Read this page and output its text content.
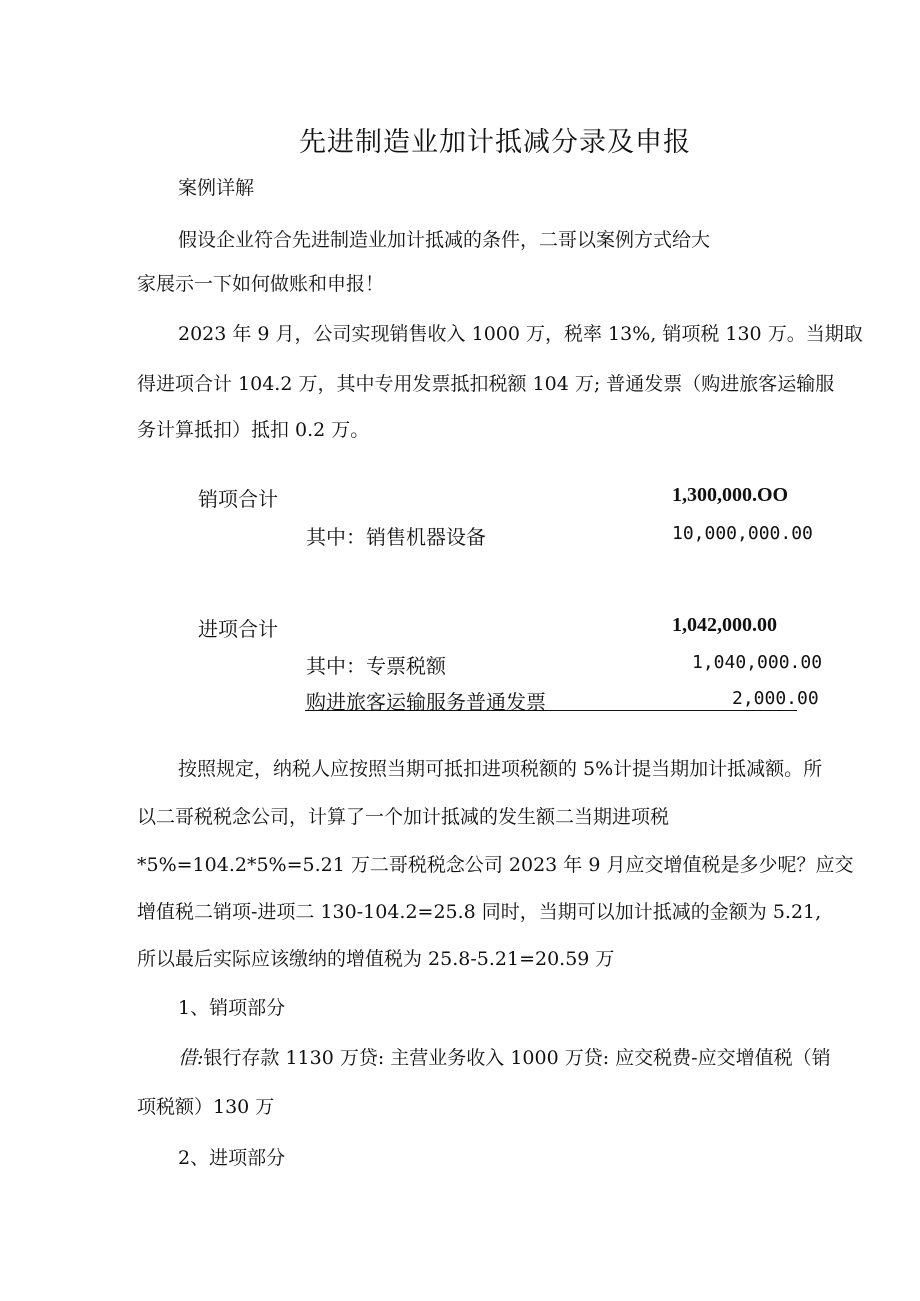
先进制造业加计抵减分录及申报
案例详解
假设企业符合先进制造业加计抵减的条件，二哥以案例方式给大
家展示一下如何做账和申报！
2023 年 9 月，公司实现销售收入 1000 万，税率 13%, 销项税 130 万。当期取
得进项合计 104.2 万，其中专用发票抵扣税额 104 万; 普通发票（购进旅客运输服
务计算抵扣）抵扣 0.2 万。
销项合计	1,300,000.OO
其中：销售机器设备	10,000,000.00
进项合计	1,042,000.00
其中：专票税额	1,040,000.00
购进旅客运输服务普通发票	2,000.00
按照规定，纳税人应按照当期可抵扣进项税额的 5%计提当期加计抵减额。所
以二哥税税念公司，计算了一个加计抵减的发生额二当期进项税
*5%=104.2*5%=5.21 万二哥税税念公司 2023 年 9 月应交增值税是多少呢？应交
增值税二销项-进项二 130-104.2=25.8 同时，当期可以加计抵减的金额为 5.21,
所以最后实际应该缴纳的增值税为 25.8-5.21=20.59 万
1、销项部分
借:银行存款 1130 万贷: 主营业务收入 1000 万贷: 应交税费-应交增值税（销
项税额）130 万
2、进项部分
